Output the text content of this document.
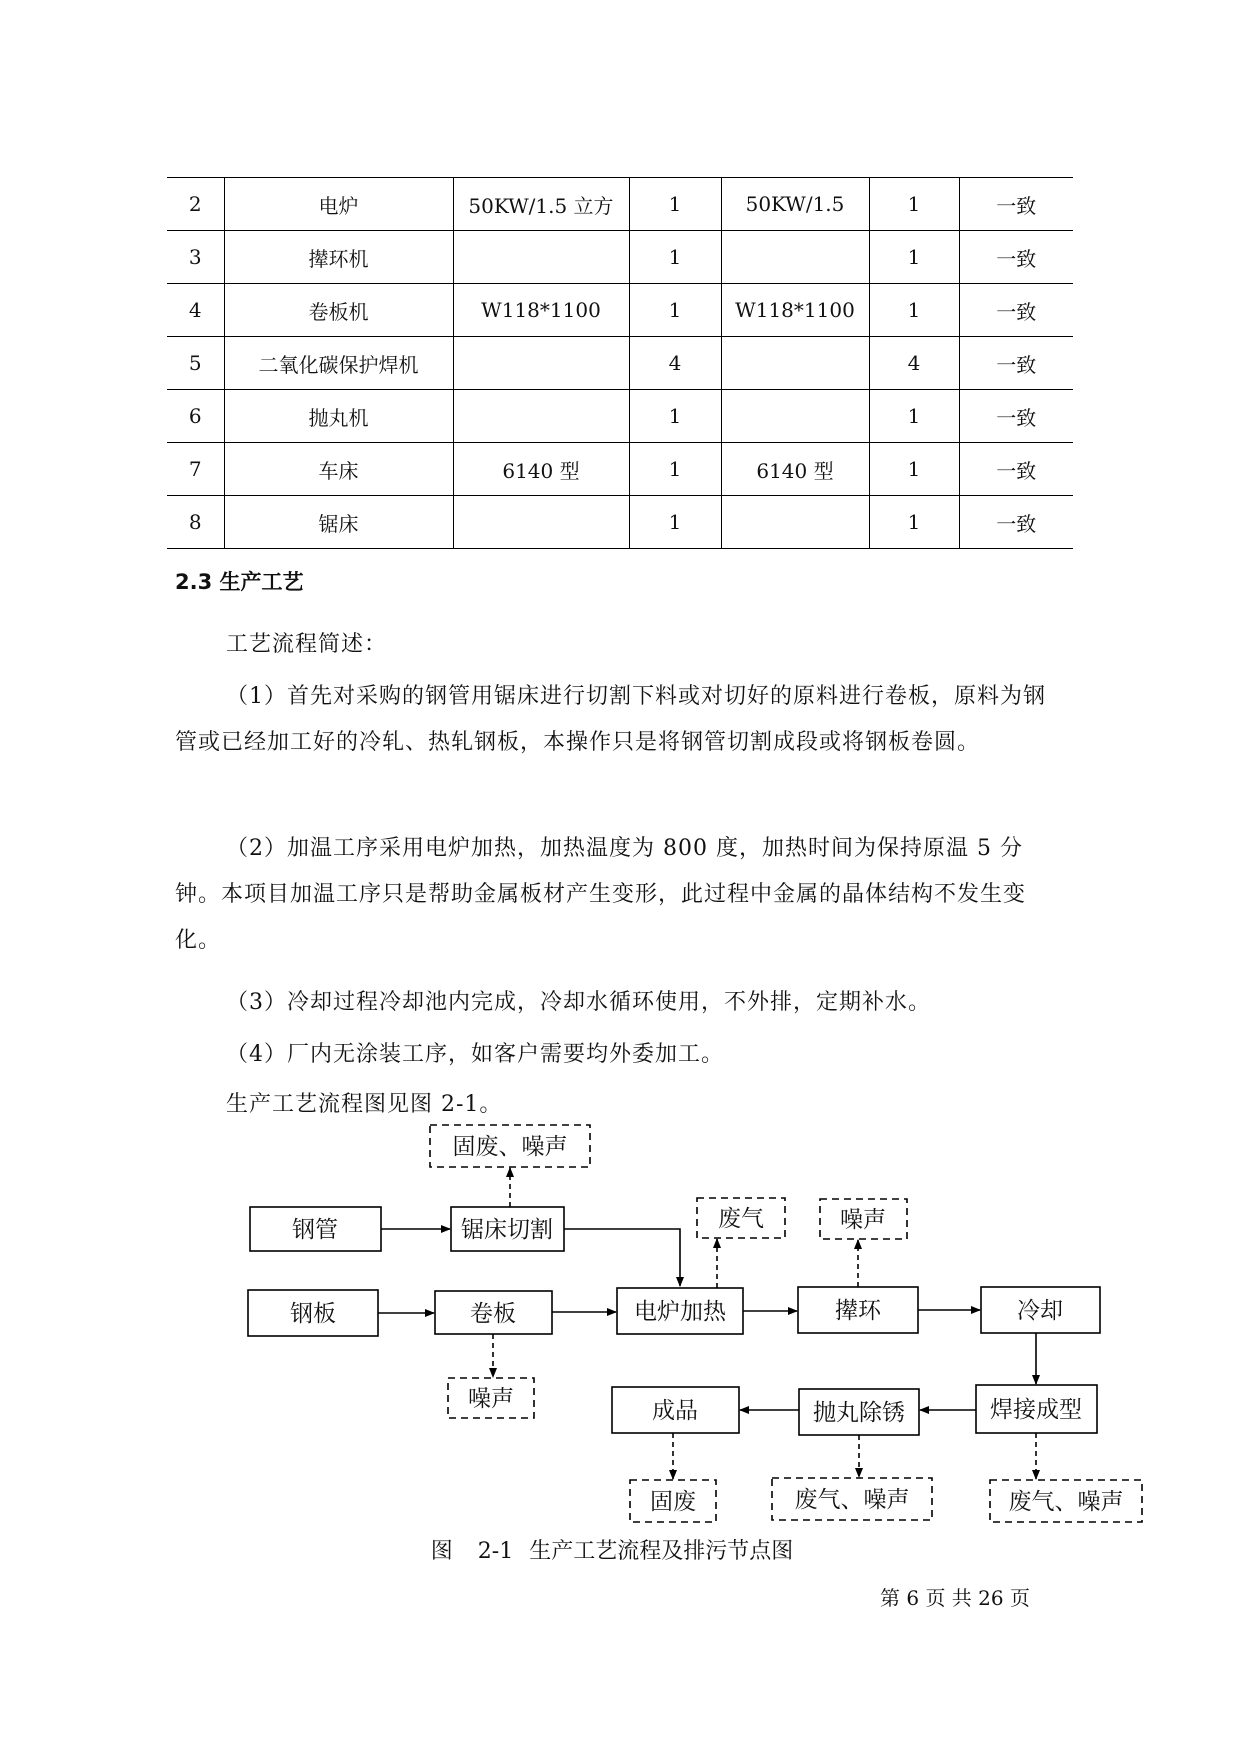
2	电炉	50KW/1.5 立方	1	50KW/1.5	1	一致
3	撵环机		1		1	一致
4	卷板机	W118*1100	1	W118*1100	1	一致
5	二氧化碳保护焊机		4		4	一致
6	抛丸机		1		1	一致
7	车床	6140 型	1	6140 型	1	一致
8	锯床		1		1	一致
2.3 生产工艺
工艺流程简述：
（1）首先对采购的钢管用锯床进行切割下料或对切好的原料进行卷板，原料为钢管或已经加工好的冷轧、热轧钢板，本操作只是将钢管切割成段或将钢板卷圆。
（2）加温工序采用电炉加热，加热温度为 800 度，加热时间为保持原温 5 分钟。本项目加温工序只是帮助金属板材产生变形，此过程中金属的晶体结构不发生变化。
（3）冷却过程冷却池内完成，冷却水循环使用，不外排，定期补水。
（4）厂内无涂装工序，如客户需要均外委加工。
生产工艺流程图见图 2-1。
钢管	锯床切割
固废、噪声
钢板	卷板
噪声
电炉加热
废气
撵环
噪声
冷却
焊接成型
废气、噪声
抛丸除锈
废气、噪声
成品
固废
图 2-1 生产工艺流程及排污节点图
第 6 页 共 26 页
